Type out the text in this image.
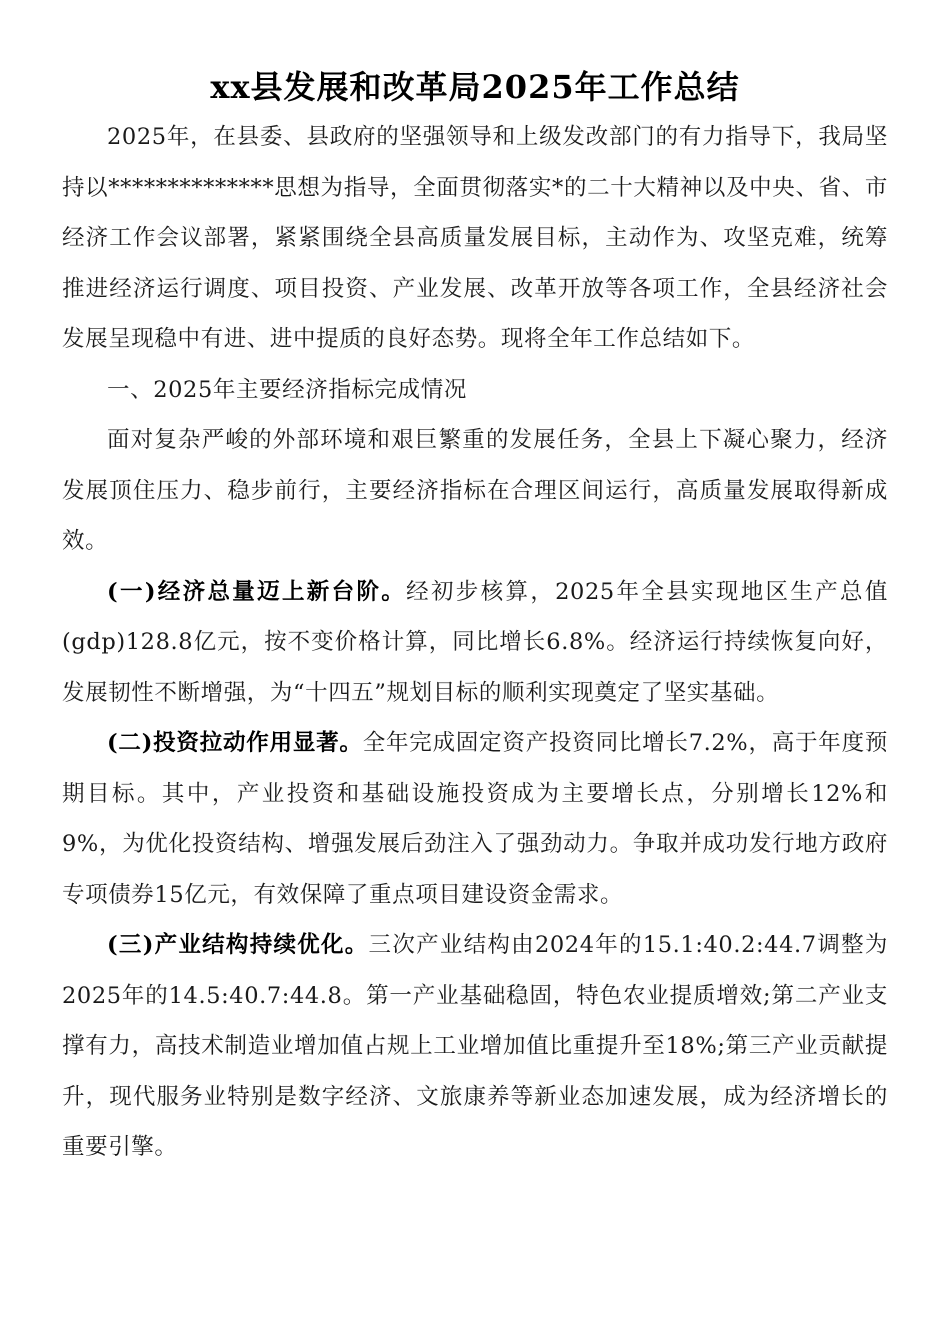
xx县发展和改革局2025年工作总结

2025年，在县委、县政府的坚强领导和上级发改部门的有力指导下，我局坚持以**************思想为指导，全面贯彻落实*的二十大精神以及中央、省、市经济工作会议部署，紧紧围绕全县高质量发展目标，主动作为、攻坚克难，统筹推进经济运行调度、项目投资、产业发展、改革开放等各项工作，全县经济社会发展呈现稳中有进、进中提质的良好态势。现将全年工作总结如下。

一、2025年主要经济指标完成情况

面对复杂严峻的外部环境和艰巨繁重的发展任务，全县上下凝心聚力，经济发展顶住压力、稳步前行，主要经济指标在合理区间运行，高质量发展取得新成效。

(一)经济总量迈上新台阶。经初步核算，2025年全县实现地区生产总值(gdp)128.8亿元，按不变价格计算，同比增长6.8%。经济运行持续恢复向好，发展韧性不断增强，为“十四五”规划目标的顺利实现奠定了坚实基础。

(二)投资拉动作用显著。全年完成固定资产投资同比增长7.2%，高于年度预期目标。其中，产业投资和基础设施投资成为主要增长点，分别增长12%和9%，为优化投资结构、增强发展后劲注入了强劲动力。争取并成功发行地方政府专项债券15亿元，有效保障了重点项目建设资金需求。

(三)产业结构持续优化。三次产业结构由2024年的15.1:40.2:44.7调整为2025年的14.5:40.7:44.8。第一产业基础稳固，特色农业提质增效;第二产业支撑有力，高技术制造业增加值占规上工业增加值比重提升至18%;第三产业贡献提升，现代服务业特别是数字经济、文旅康养等新业态加速发展，成为经济增长的重要引擎。
